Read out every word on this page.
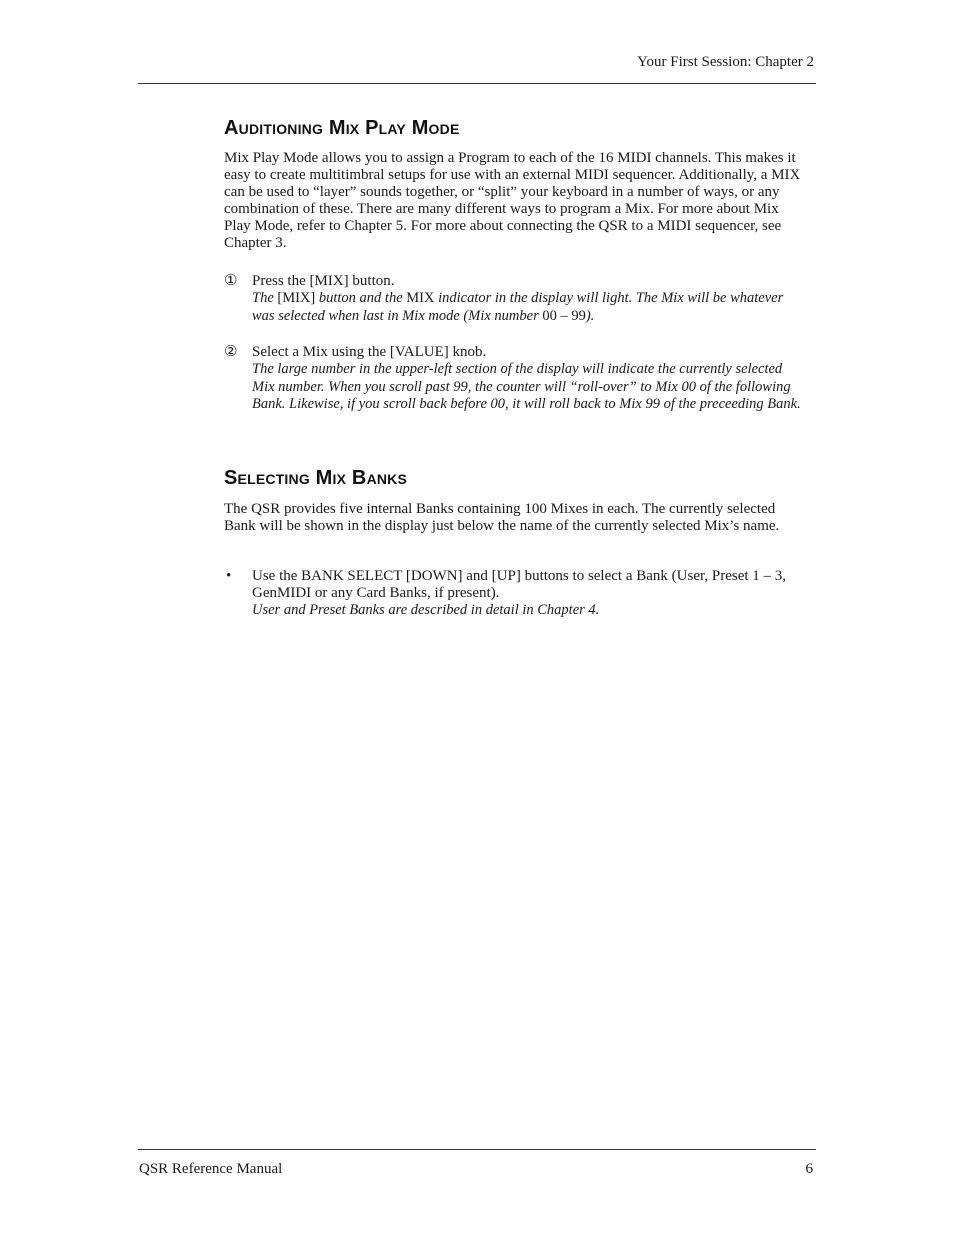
Your First Session: Chapter 2
Auditioning Mix Play Mode
Mix Play Mode allows you to assign a Program to each of the 16 MIDI channels. This makes it easy to create multitimbral setups for use with an external MIDI sequencer. Additionally, a MIX can be used to “layer” sounds together, or “split” your keyboard in a number of ways, or any combination of these. There are many different ways to program a Mix. For more about Mix Play Mode, refer to Chapter 5. For more about connecting the QSR to a MIDI sequencer, see Chapter 3.
① Press the [MIX] button.
The [MIX] button and the MIX indicator in the display will light. The Mix will be whatever was selected when last in Mix mode (Mix number 00 – 99).
② Select a Mix using the [VALUE] knob.
The large number in the upper-left section of the display will indicate the currently selected Mix number. When you scroll past 99, the counter will “roll-over” to Mix 00 of the following Bank. Likewise, if you scroll back before 00, it will roll back to Mix 99 of the preceeding Bank.
Selecting Mix Banks
The QSR provides five internal Banks containing 100 Mixes in each. The currently selected Bank will be shown in the display just below the name of the currently selected Mix’s name.
• Use the BANK SELECT [DOWN] and [UP] buttons to select a Bank (User, Preset 1 – 3, GenMIDI or any Card Banks, if present).
User and Preset Banks are described in detail in Chapter 4.
QSR Reference Manual	6
